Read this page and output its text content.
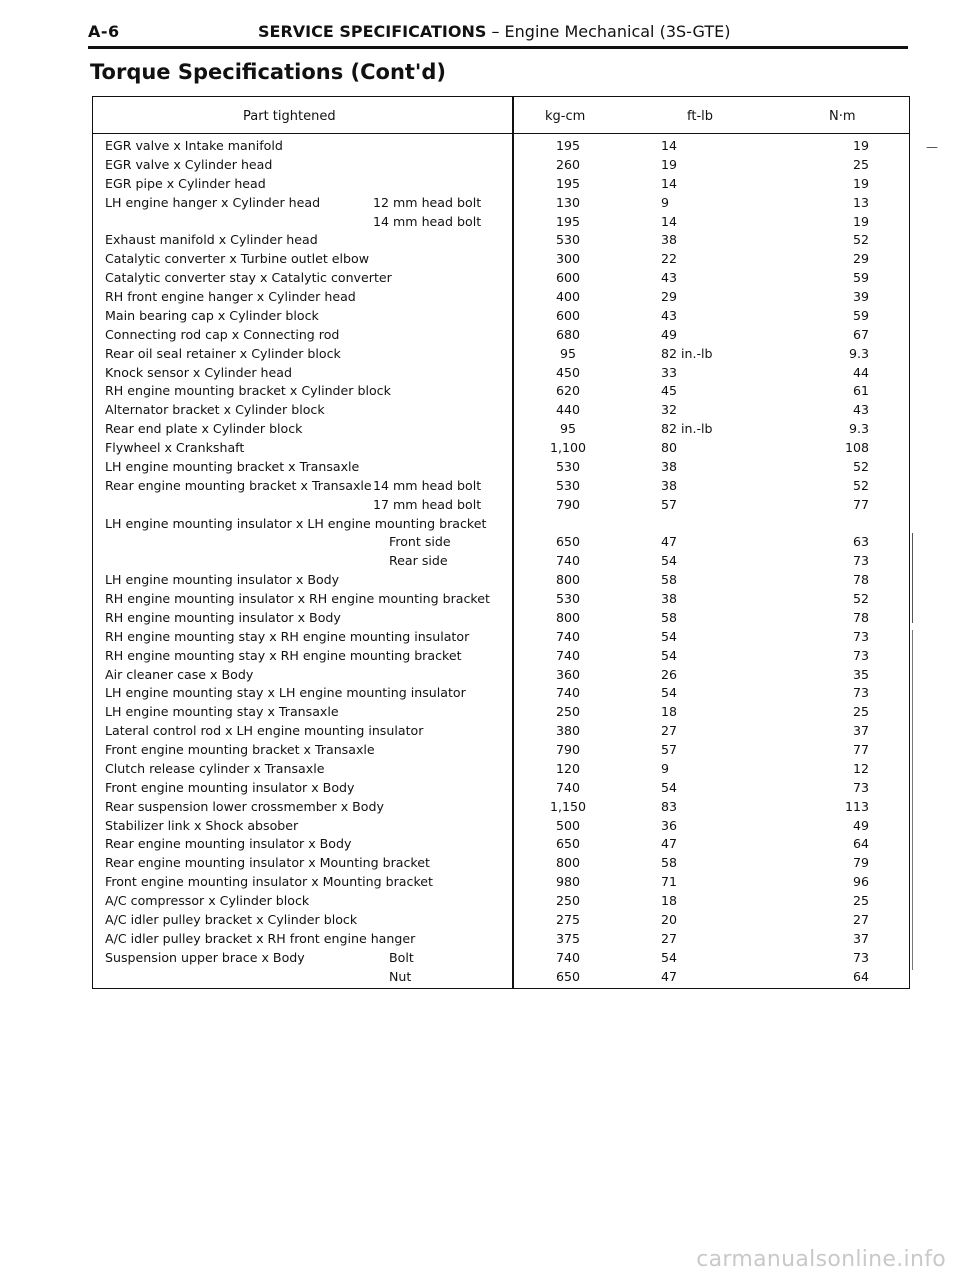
A-6	SERVICE SPECIFICATIONS – Engine Mechanical (3S-GTE)
Torque Specifications (Cont'd)
Part tightened	kg-cm	ft-lb	N·m
EGR valve x Intake manifold	195	14	19
EGR valve x Cylinder head	260	19	25
EGR pipe x Cylinder head	195	14	19
LH engine hanger x Cylinder head	12 mm head bolt	130	9	13
14 mm head bolt	195	14	19
Exhaust manifold x Cylinder head	530	38	52
Catalytic converter x Turbine outlet elbow	300	22	29
Catalytic converter stay x Catalytic converter	600	43	59
RH front engine hanger x Cylinder head	400	29	39
Main bearing cap x Cylinder block	600	43	59
Connecting rod cap x Connecting rod	680	49	67
Rear oil seal retainer x Cylinder block	95	82 in.-lb	9.3
Knock sensor x Cylinder head	450	33	44
RH engine mounting bracket x Cylinder block	620	45	61
Alternator bracket x Cylinder block	440	32	43
Rear end plate x Cylinder block	95	82 in.-lb	9.3
Flywheel x Crankshaft	1,100	80	108
LH engine mounting bracket x Transaxle	530	38	52
Rear engine mounting bracket x Transaxle 14 mm head bolt	530	38	52
17 mm head bolt	790	57	77
LH engine mounting insulator x LH engine mounting bracket
Front side	650	47	63
Rear side	740	54	73
LH engine mounting insulator x Body	800	58	78
RH engine mounting insulator x RH engine mounting bracket	530	38	52
RH engine mounting insulator x Body	800	58	78
RH engine mounting stay x RH engine mounting insulator	740	54	73
RH engine mounting stay x RH engine mounting bracket	740	54	73
Air cleaner case x Body	360	26	35
LH engine mounting stay x LH engine mounting insulator	740	54	73
LH engine mounting stay x Transaxle	250	18	25
Lateral control rod x LH engine mounting insulator	380	27	37
Front engine mounting bracket x Transaxle	790	57	77
Clutch release cylinder x Transaxle	120	9	12
Front engine mounting insulator x Body	740	54	73
Rear suspension lower crossmember x Body	1,150	83	113
Stabilizer link x Shock absober	500	36	49
Rear engine mounting insulator x Body	650	47	64
Rear engine mounting insulator x Mounting bracket	800	58	79
Front engine mounting insulator x Mounting bracket	980	71	96
A/C compressor x Cylinder block	250	18	25
A/C idler pulley bracket x Cylinder block	275	20	27
A/C idler pulley bracket x RH front engine hanger	375	27	37
Suspension upper brace x Body	Bolt	740	54	73
Nut	650	47	64
—
carmanualsonline.info
